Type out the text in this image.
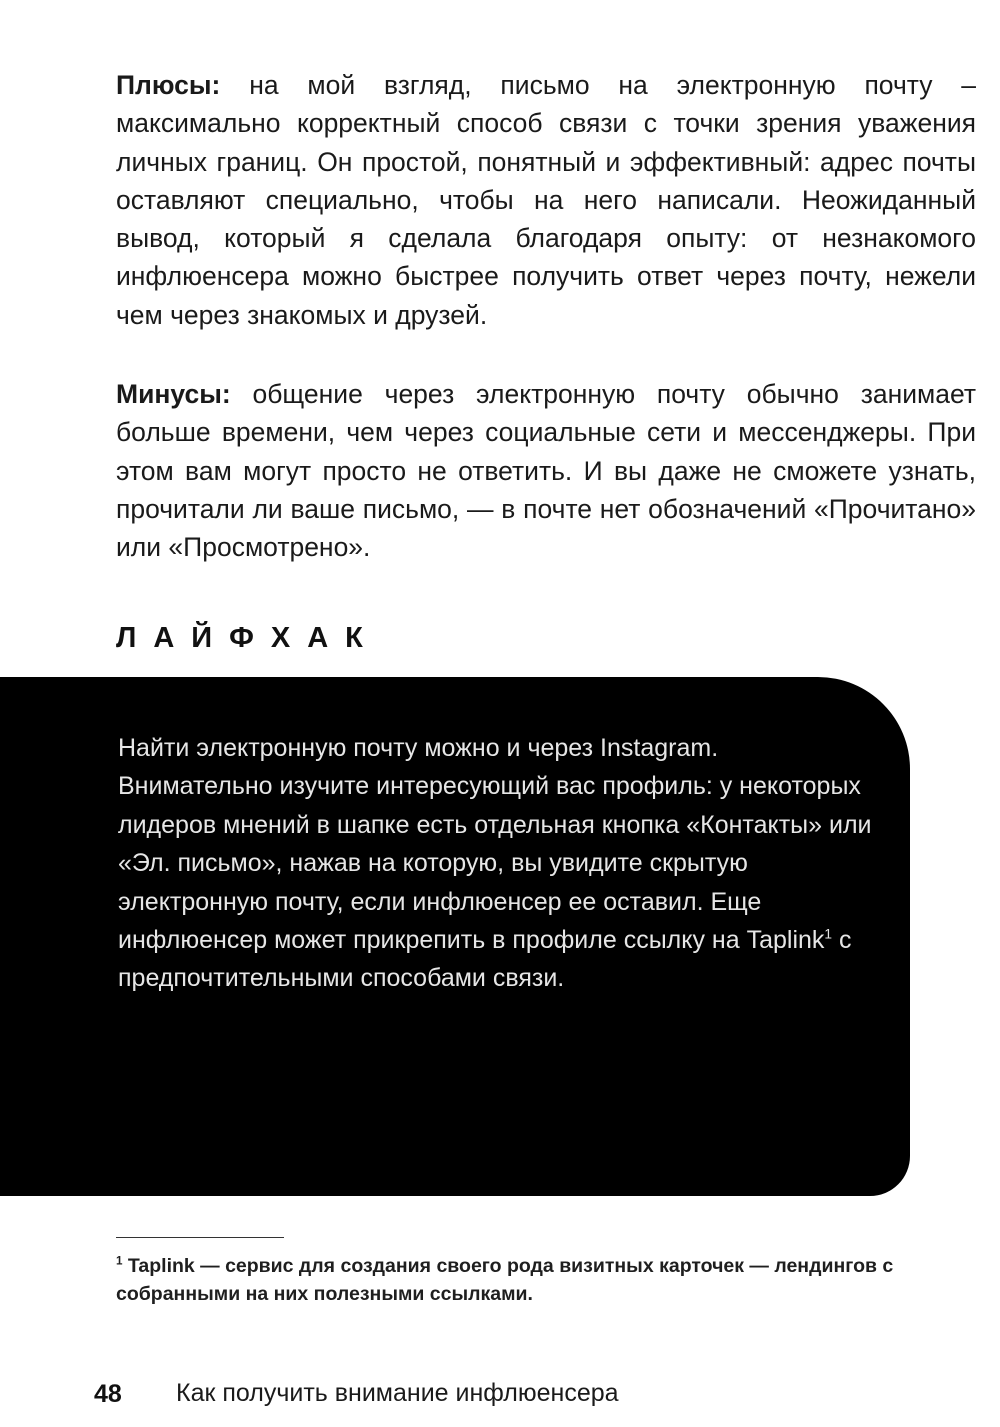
Плюсы: на мой взгляд, письмо на электронную почту – максимально корректный способ связи с точки зрения уважения личных границ. Он простой, понятный и эффективный: адрес почты оставляют специально, чтобы на него написали. Неожиданный вывод, который я сделала благодаря опыту: от незнакомого инфлюенсера можно быстрее получить ответ через почту, нежели чем через знакомых и друзей.

Минусы: общение через электронную почту обычно занимает больше времени, чем через социальные сети и мессенджеры. При этом вам могут просто не ответить. И вы даже не сможете узнать, прочитали ли ваше письмо, — в почте нет обозначений «Прочитано» или «Просмотрено».

ЛАЙФХАК

Найти электронную почту можно и через Instagram. Внимательно изучите интересующий вас профиль: у некоторых лидеров мнений в шапке есть отдельная кнопка «Контакты» или «Эл. письмо», нажав на которую, вы увидите скрытую электронную почту, если инфлюенсер ее оставил. Еще инфлюенсер может прикрепить в профиле ссылку на Taplink$^1$ с предпочтительными способами связи.

$^1$ Taplink — сервис для создания своего рода визитных карточек — лендингов с собранными на них полезными ссылками.

48 Как получить внимание инфлюенсера
